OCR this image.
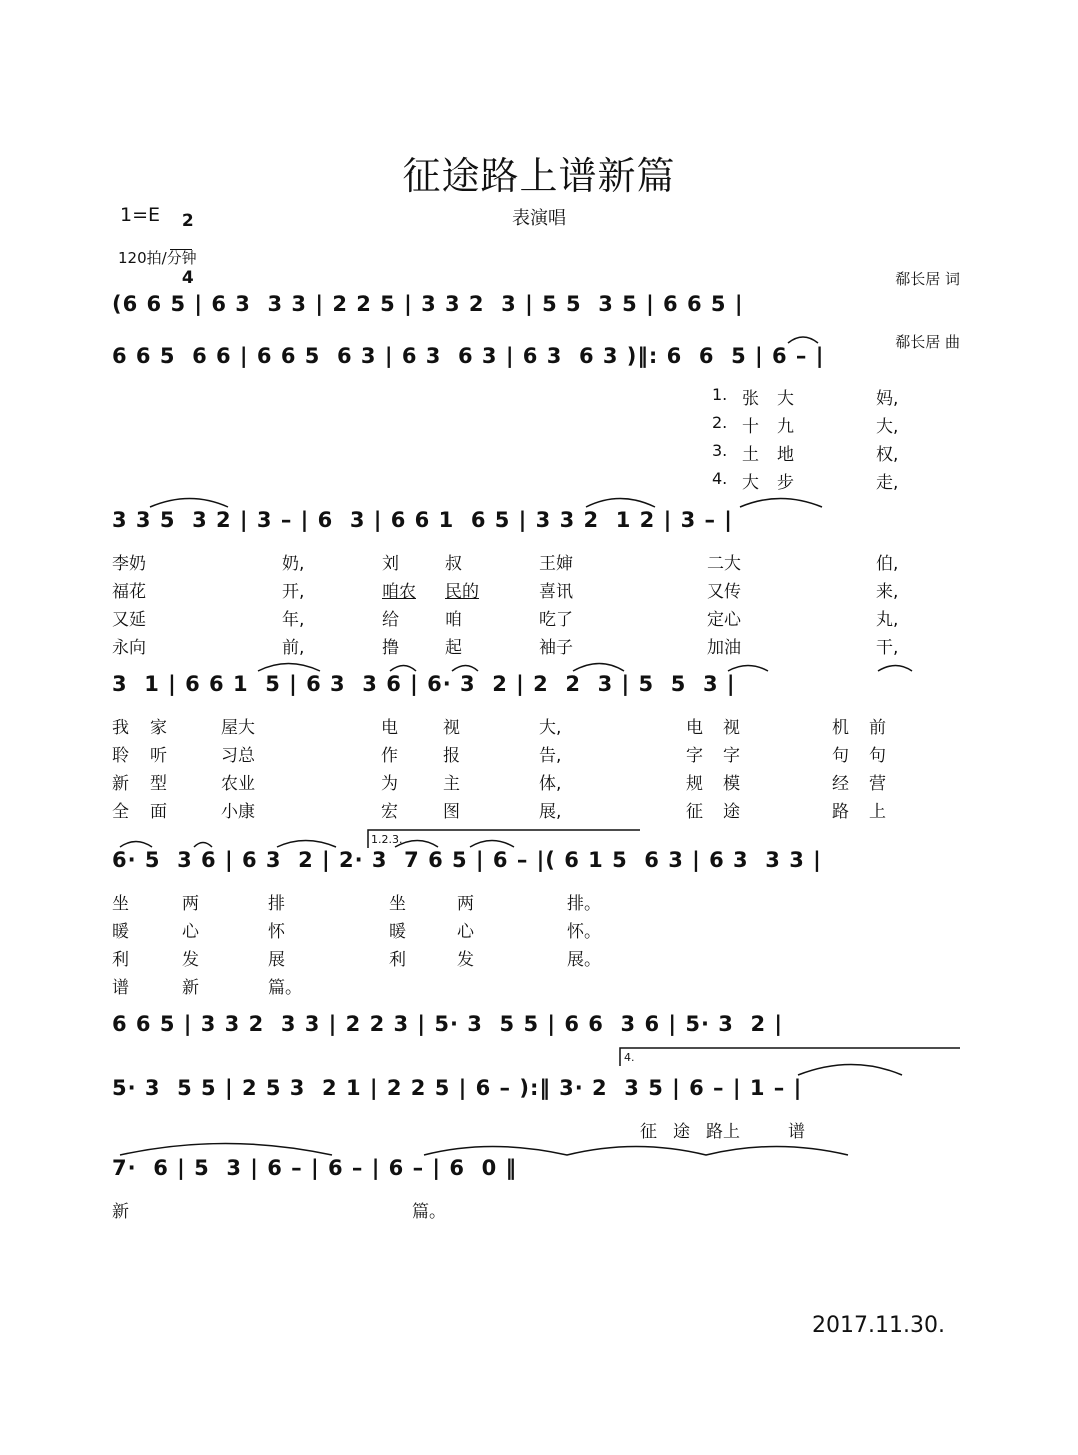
征途路上谱新篇
表演唱
1=E	2

4

120拍/分钟

郗长居 词

郗长居 曲

(6 6 5 | 6 3  3 3 | 2 2 5 | 3 3 2  3 | 5 5  3 5 | 6 6 5 |
6 6 5  6 6 | 6 6 5  6 3 | 6 3  6 3 | 6 3  6 3 )‖: 6  6  5 | 6 – |
3 3 5  3 2 | 3 – | 6  3 | 6 6 1  6 5 | 3 3 2  1 2 | 3 – |
3  1 | 6 6 1  5 | 6 3  3 6 | 6· 3  2 | 2  2  3 | 5  5  3 |
6· 5  3 6 | 6 3  2 | 2· 3  7 6 5 | 6 – |( 6 1 5  6 3 | 6 3  3 3 |
6 6 5 | 3 3 2  3 3 | 2 2 3 | 5· 3  5 5 | 6 6  3 6 | 5· 3  2 |
5· 3  5 5 | 2 5 3  2 1 | 2 2 5 | 6 – ):‖ 3· 2  3 5 | 6 – | 1 – |
7·  6 | 5  3 | 6 – | 6 – | 6 – | 6  0 ‖
1. 张 大	妈,
2. 十 九	大,
3. 土 地	权,
4. 大 步	走,
李奶	奶,	刘	叔	王婶	二大	伯,
福花	开,	咱农 民的	喜讯	又传	来,
又延	年,	给	咱	吃了	定心	丸,
永向	前,	撸	起	袖子	加油	干,
我 家	屋大	电	视	大,	电 视	机 前
聆 听	习总	作	报	告,	字 字	句 句
新 型	农业	为	主	体,	规 模	经 营
全 面	小康	宏	图	展,	征 途	路 上
坐	两	排	坐	两	排。
暖	心	怀	暖	心	怀。
利	发	展	利	发	展。
谱	新	篇。
1.2.3.
4.
征 途 路上	谱
新	篇。
2017.11.30.
